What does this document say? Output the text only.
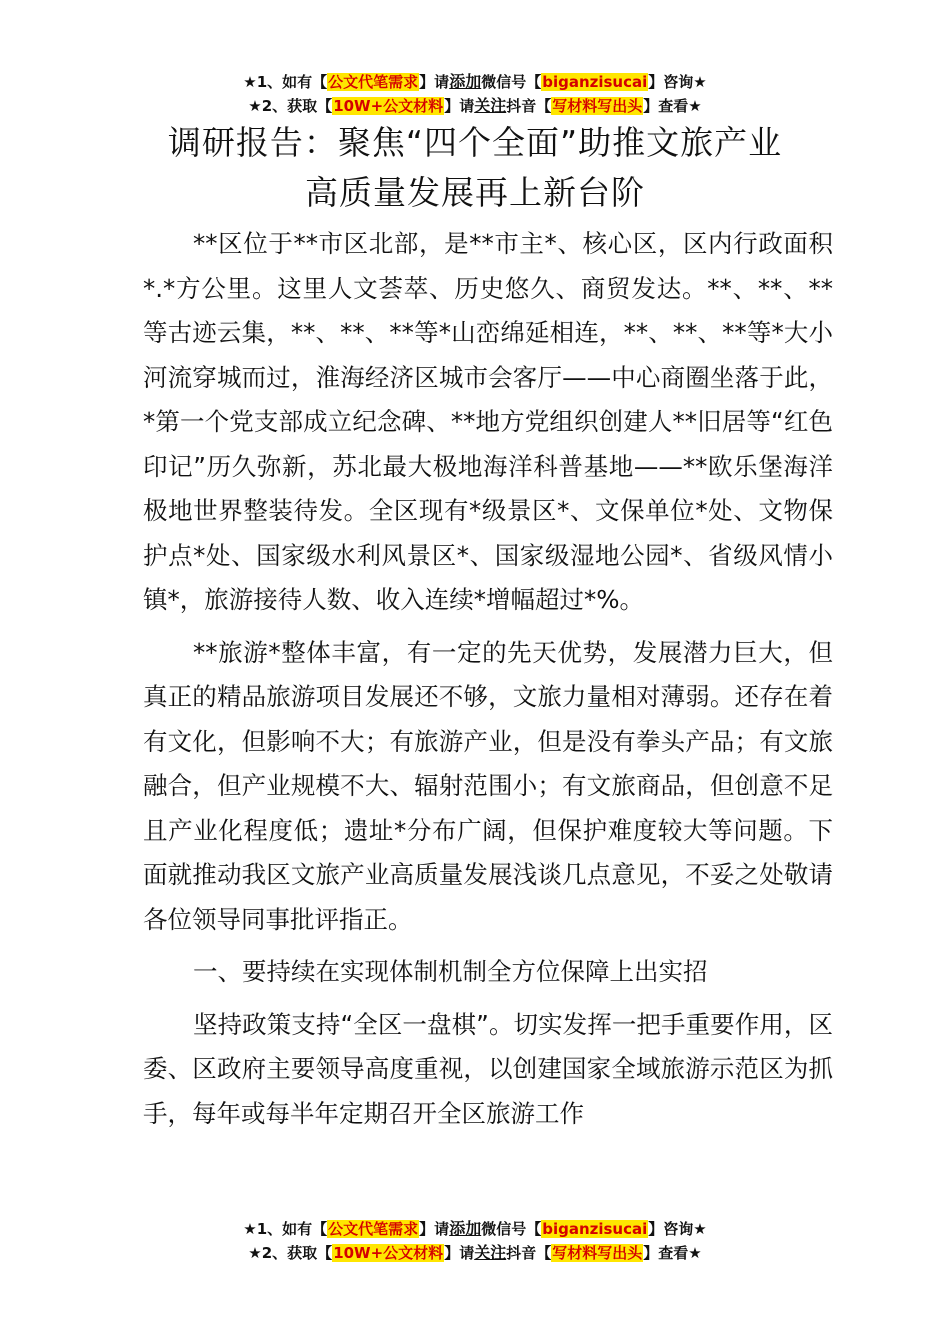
★1、如有【公文代笔需求】请添加微信号【biganzisucai】咨询★
★2、获取【10W+公文材料】请关注抖音【写材料写出头】查看★
调研报告：聚焦“四个全面”助推文旅产业
高质量发展再上新台阶

**区位于**市区北部，是**市主*、核心区，区内行政面积*.*方公里。这里人文荟萃、历史悠久、商贸发达。**、**、**等古迹云集，**、**、**等*山峦绵延相连，**、**、**等*大小河流穿城而过，淮海经济区城市会客厅——中心商圈坐落于此，*第一个党支部成立纪念碑、**地方党组织创建人**旧居等“红色印记”历久弥新，苏北最大极地海洋科普基地——**欧乐堡海洋极地世界整装待发。全区现有*级景区*、文保单位*处、文物保护点*处、国家级水利风景区*、国家级湿地公园*、省级风情小镇*，旅游接待人数、收入连续*增幅超过*%。

**旅游*整体丰富，有一定的先天优势，发展潜力巨大，但真正的精品旅游项目发展还不够，文旅力量相对薄弱。还存在着有文化，但影响不大；有旅游产业，但是没有拳头产品；有文旅融合，但产业规模不大、辐射范围小；有文旅商品，但创意不足且产业化程度低；遗址*分布广阔，但保护难度较大等问题。下面就推动我区文旅产业高质量发展浅谈几点意见，不妥之处敬请各位领导同事批评指正。

一、要持续在实现体制机制全方位保障上出实招

坚持政策支持“全区一盘棋”。切实发挥一把手重要作用，区委、区政府主要领导高度重视，以创建国家全域旅游示范区为抓手，每年或每半年定期召开全区旅游工作

★1、如有【公文代笔需求】请添加微信号【biganzisucai】咨询★
★2、获取【10W+公文材料】请关注抖音【写材料写出头】查看★
